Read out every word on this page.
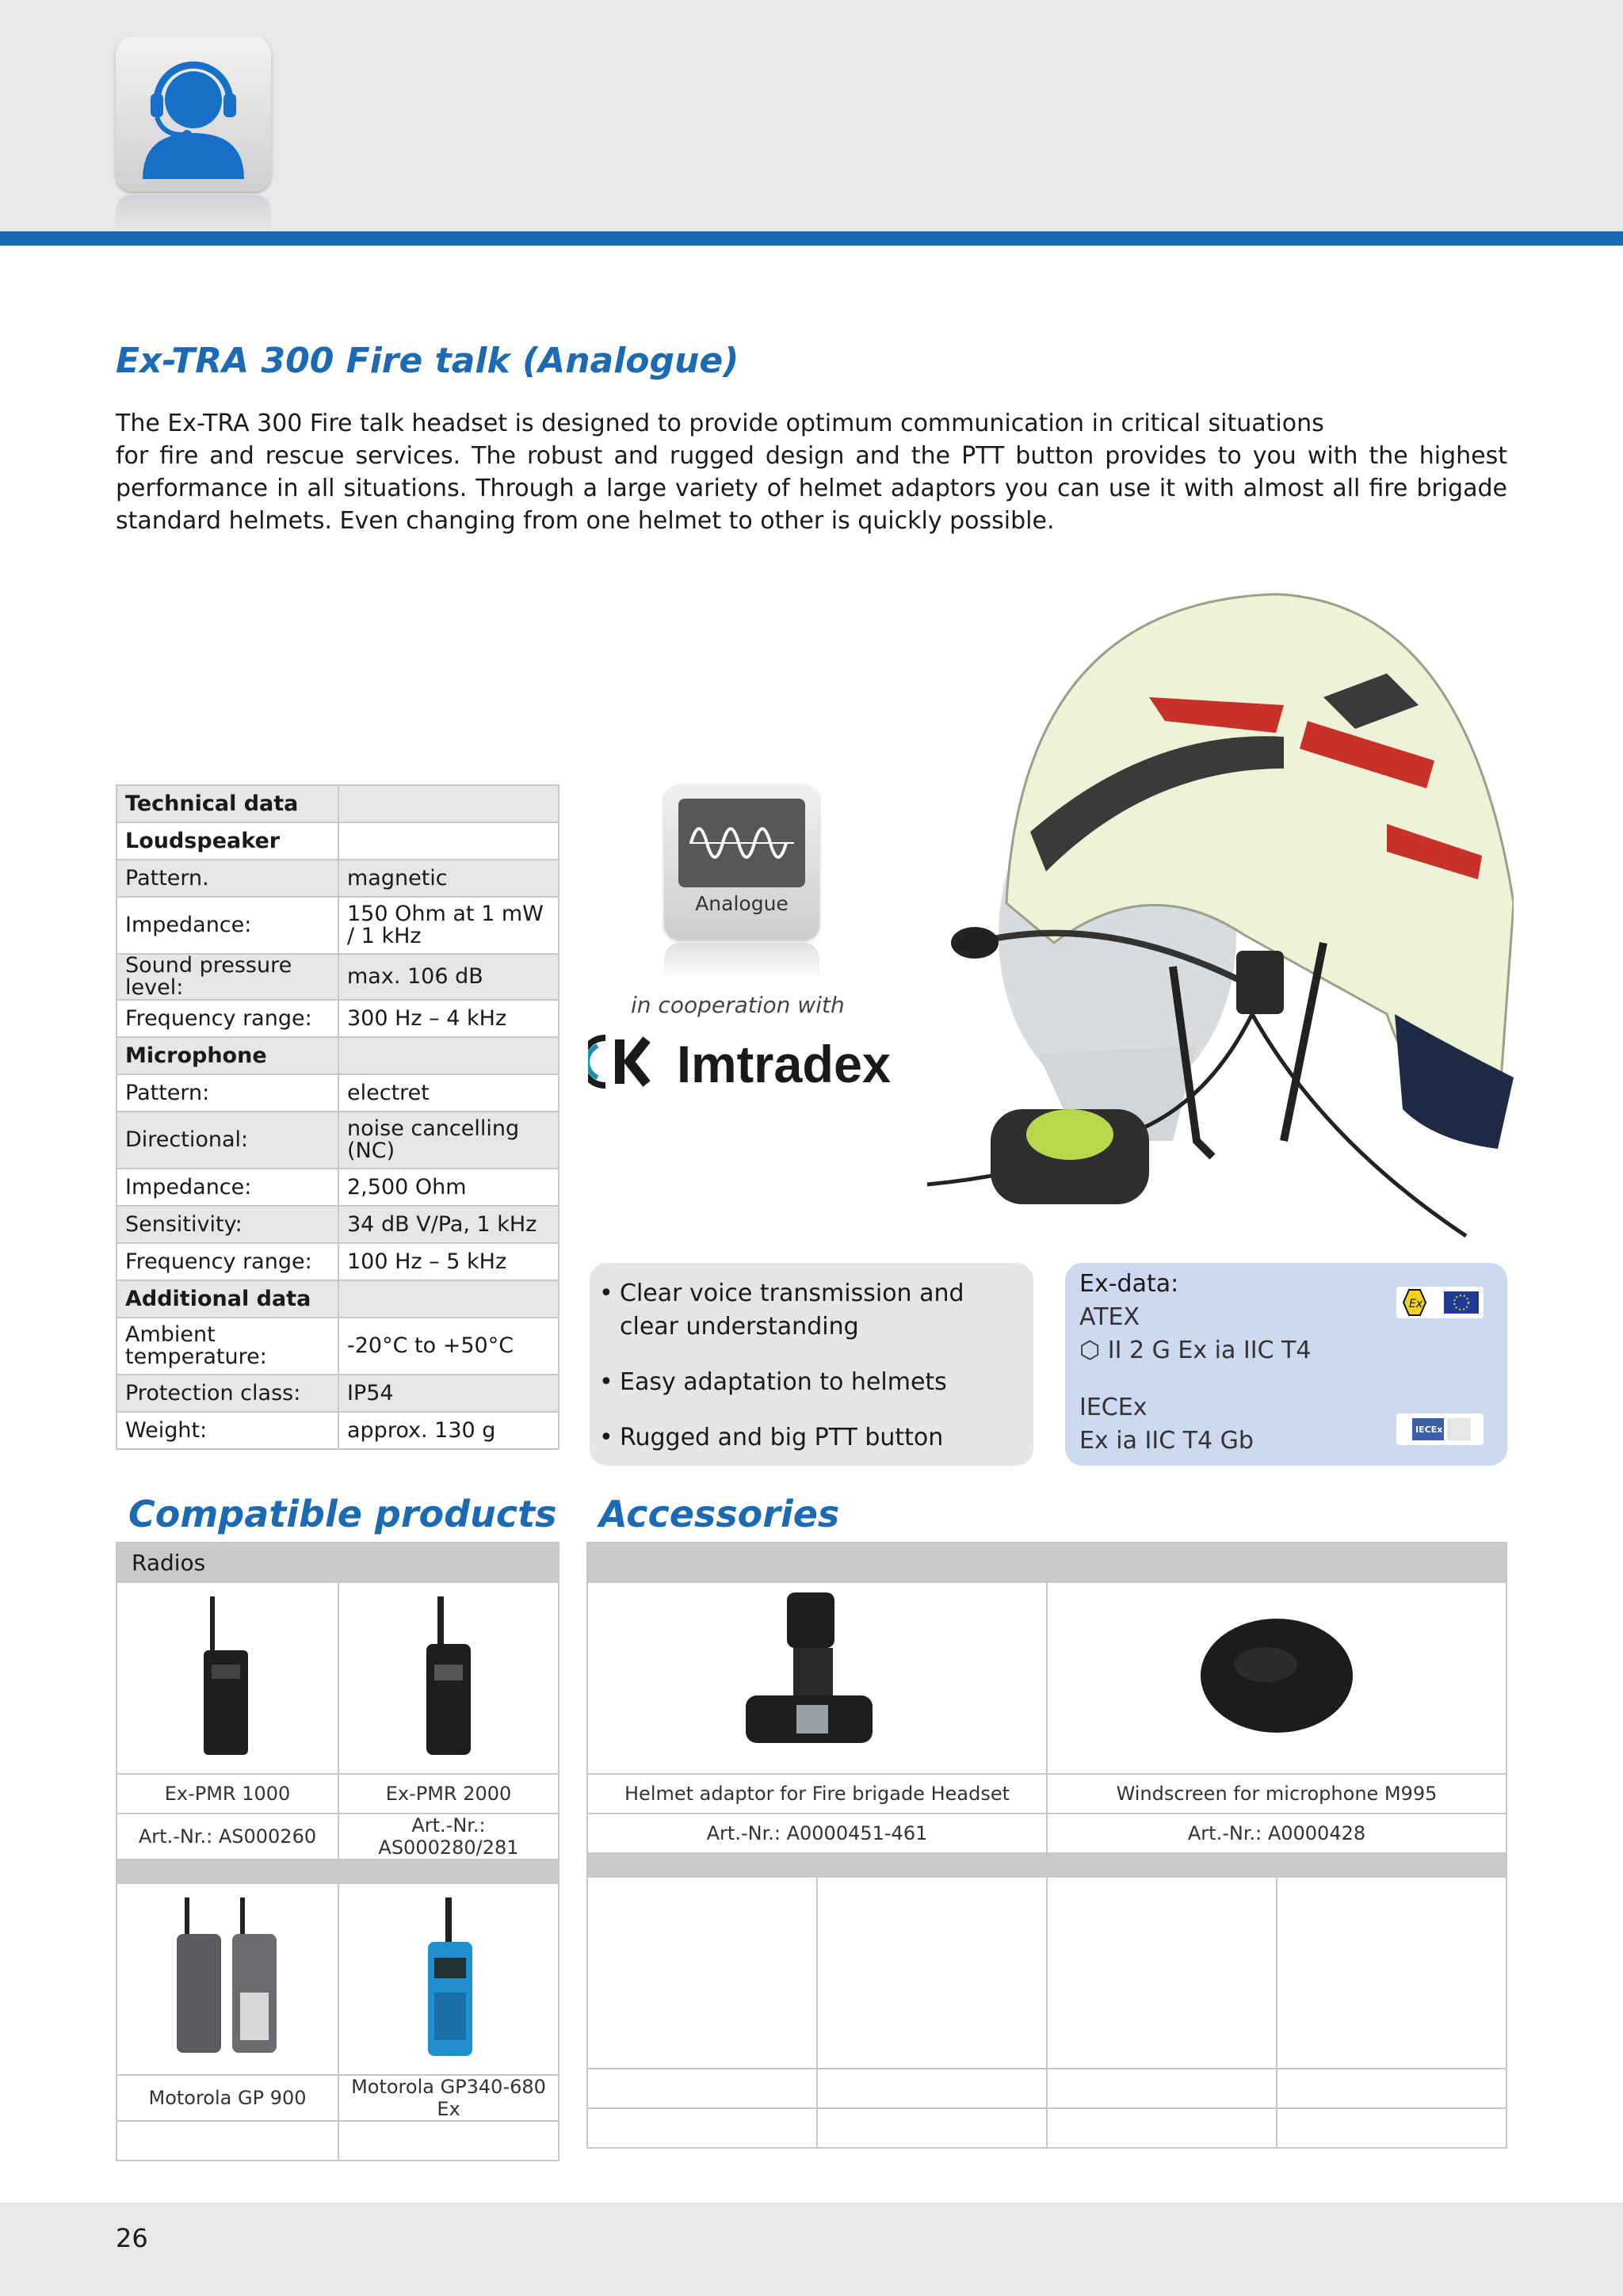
Ex-TRA 300 Fire talk (Analogue)

The Ex-TRA 300 Fire talk headset is designed to provide optimum communication in critical situations

for fire and rescue services. The robust and rugged design and the PTT button provides to you with the highest performance in all situations. Through a large variety of helmet adaptors you can use it with almost all fire brigade standard helmets. Even changing from one helmet to other is quickly possible.

Technical data	
Loudspeaker	
Pattern.	magnetic
Impedance:	150 Ohm at 1 mW / 1 kHz
Sound pressure level:	max. 106 dB
Frequency range:	300 Hz – 4 kHz
Microphone	
Pattern:	electret
Directional:	noise cancelling (NC)
Impedance:	2,500 Ohm
Sensitivity:	34 dB V/Pa, 1 kHz
Frequency range:	100 Hz – 5 kHz
Additional data	
Ambient temperature:	-20°C to +50°C
Protection class:	IP54
Weight:	approx. 130 g
Analogue
in cooperation with
Imtradex
• Clear voice transmission and clear understanding
• Easy adaptation to helmets
• Rugged and big PTT button
Ex-data:
ATEX
⬡ II 2 G Ex ia IIC T4
IECEx
Ex ia IIC T4 Gb
Ex
IECEx
Compatible products Accessories
Radios	

Ex-PMR 1000	Ex-PMR 2000
Art.-Nr.: AS000260	Art.-Nr.: AS000280/281

Motorola GP 900	Motorola GP340-680 Ex

Helmet adaptor for Fire brigade Headset		Windscreen for microphone M995	
Art.-Nr.: A0000451-461		Art.-Nr.: A0000428	

26
